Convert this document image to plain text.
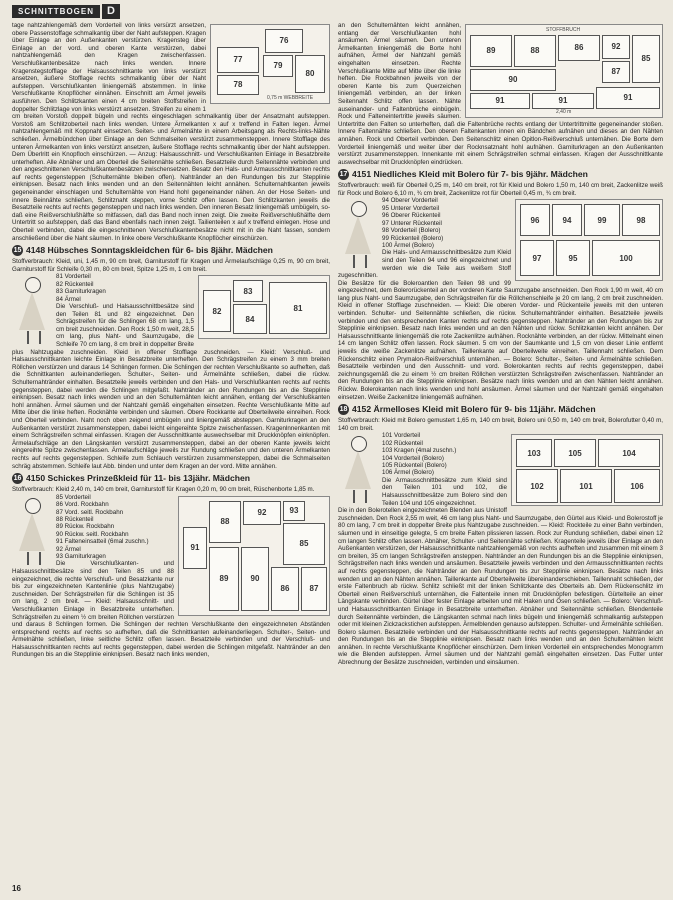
SCHNITTBOGEN	D
76
77
78
79
80
0,75 m WEBBREITE

tage nahtzahlengemäß dem Vorderteil von links versürzt ansetzen, obere Passenstoffage schmalkantig über der Naht aufsteppen. Kragen über Einlage an den Außenkanten verstürzen. Kragensteg über Einlage an der vord. und oberen Kante verstürzen, dabei nahtzahlengemäß den Kragen zwischenfassen. Verschlußkantenbesätze nach links wenden. Innere Kragenstegstofflage der Halsausschnittkante von links verstürzt ansetzen, äußere Stofflage rechts schmalkantig über der Naht aufsteppen. Verschlußkanten liniengemäß abstemmen. In linke Verschlußkante Knopflöcher einnähen. Einschnitt am Ärmel jeweils ausführen. Den Schlitzkanten einen 4 cm breiten Stoffstreifen in doppelter Schlitzlage von links verstürzt ansetzen. Streifen zu einem 1 cm breiten Vorstoß doppelt bügeln und rechts eingeschlagen schmalkantig über der Ansatznaht aufsteppen. Vorstoß am Schlitzoberteil nach links wenden. Untere Ärmelkanten x auf x treffend in Falten legen. Ärmel nahtzahlengemäß mit Koppnaht einsetzen. Seiten- und Ärmelnähte in einem Arbeitsgang als Rechts-links-Nähte schließen. Ärmelbündchen über Einlage an den Schmalseiten verstürzt zusammensteppen. Innere Stofflage des unteren Ärmelkanten von links verstürzt ansetzen, äußere Stofflage rechts schmalkantig über der Naht aufsteppen. Dem Überlritt ein Knopfloch einschürzen. — Anzug: Halsausschnitt- und Verschlußkanten Einlage in Besatzbreite unterheften. Alle Abnäher und am Oberteil die Seitennähte schließen. Besatzteile durch Seitennähte verbinden und den angeschnittenen Verschlußkantenbesätzen zwischensetzen. Besatz den Hals- und Armausschnittkanten rechts auf rechts gegensteppen (Schulternähte bleiben offen). Nahtränder an den Rundungen bis zur Stepplinie einknipsen. Besatz nach links wenden und an den Seitennähten leicht annähen. Schulternahtkanten jeweils gegeneinander einschlagen und Schulternähte von Hand hohl gegeneinander nähen. An der Hose Seiten- und innere Beinnähte schließen, Schlitznaht steppen, vorne Schlitz offen lassen. Den Schlitzkanten jeweils die Besatzteile rechts auf rechts gegensteppen und nach links wenden. Den inneren Besatz liniengemäß umbügeln, sodaß eine Reißverschlußhälfte so mitfassen, daß das Band noch innen zeigt. Die zweite Reißverschlußhälfte dem Untertritt so aufsteppen, daß das Band ebenfalls nach innen zeigt. Tailienteilen x auf x treffend einlegen. Hose und Oberteil verbinden, dabei die eingeschnittenen Verschlußkantenbesätze nicht mit in die Naht fassen, sondern anschließend über die Naht säumen. In linke obere Verschlußkante Knopflöcher einschürzen.

15 4148 Hübsches Sonntagskleidchen für 6- bis 8jähr. Mädchen

Stoffverbrauch: Kleid, uni, 1,45 m, 90 cm breit, Garniturstoff für Kragen und Ärmelaufschläge 0,25 m, 90 cm breit, Garniturstoff für Schleife 0,30 m, 80 cm breit, Spitze 1,25 m, 1 cm breit.

82
83
84
81
81 Vorderteil
82 Rückenteil
83 Garniturkragen
84 Ärmel

Die Verschluß- und Halsausschnittbesätze sind den Teilen 81 und 82 eingezeichnet. Den Schrägstreifen für die Schlingen 68 cm lang, 1,5 cm breit zuschneiden. Den Rock 1,50 m weit, 28,5 cm lang, plus Naht- und Saumzugabe, die Schleife 70 cm lang, 8 cm breit in doppelter Breite plus Nahtzugabe zuschneiden. Kleid in offener Stofflage zuschneiden. — Kleid: Verschluß- und Halsausschnittkanten leichte Einlage in Besatzbreite unterheften. Den Schrägstreifen zu einem 3 mm breiten Röllchen verstürzen und daraus 14 Schlingen formen. Die Schlingen der rechten Verschlußkante so aufheften, daß die Schnittkanten aufeinanderliegen. Schulter-, Seiten- und Ärmelnähte schließen, dabei die rückw. Schulternahtränder einhalten. Besatzteile jeweils verbinden und den Hals- und Verschlußkanten rechts auf rechts gegensteppen, dabei werden die Schlingen mitgefaßt. Nahtränder an den Rundungen bis an die Stepplinie einknipsen. Besatz nach links wenden und an den Schulternähten leicht annähen, entlang der Verschlußkanten hohl annähen. Ärmel säumen und der Nahtzahl gemäß eingehalten einsetzen. Rechte Verschlußkante Mitte auf Mitte über die linke heften. Rocknähte verbinden und säumen. Obere Rockkante auf Oberteilweite einreihen. Rock und Oberteil verbinden. Naht noch oben zeigend umbügeln und liniengemäß absteppen. Garniturkragen an den Außenkanten verstürzt zusammensteppen, dabei leicht eingereihte Spitze zwischenfassen. Kragenlnnenkanten mit einem Schrägstreifen schmal einfassen. Kragen der Ausschnittkante auswechselbar mit Druckknöpfen einknöpfen. Ärmelaufschläge an den Längskanten verstürzt zusammensteppen, dabei an der oberen Kante jeweils leicht eingereihte Spitze zwischenfassen. Ärmelaufschläge jeweils zur Rundung schließen und den unteren Ärmelkanten rechts auf rechts gegensteppen. Schleife zum Schlauch verstürzen zusammensteppen, dabei die Schmalseiten schräg abstemmen. Schleife laut Abb. binden und unter dem Kragen an der vord. Mitte annähen.

16 4150 Schickes Prinzeßkleid für 11- bis 13jähr. Mädchen

Stoffverbrauch: Kleid 2,40 m, 140 cm breit, Garniturstoff für Kragen 0,20 m, 90 cm breit, Rüschenborte 1,85 m.

91
88
92	93
85
89	90
86	87
85 Vorderteil
86 Vord. Rockbahn
87 Vord. seitl. Rockbahn
88 Rückenteil
89 Rückw. Rockbahn
90 Rückw. seitl. Rockbahn
91 Falteneinsatteil (6mal zuschn.)
92 Ärmel
93 Garniturkragen

Die Verschlußkanten- und Halsausschnittbesätze sind den Teilen 85 und 88 eingezeichnet, die rechte Verschluß- und Besatzkante nur bis zur eingezeichneten Kantenlinie (plus Nahtzugabe) zuschneiden. Der Schrägstreifen für die Schlingen ist 35 cm lang, 2 cm breit. — Kleid: Halsausschnitt- und Verschlußkanten Einlage in Besatzbreite unterheften. Schrägstreifen zu einem ½ cm breiten Röllchen verstürzen und daraus 8 Schlingen formen. Die Schlingen der rechten Verschlußkante den eingezeichneten Abständen entsprechend rechts auf rechts so aufheften, daß die Schnittkanten aufeinanderliegen. Schulter-, Seiten- und Ärmelnähte schließen, linke seitliche Schlitz offen lassen. Besatzteile verbinden und der Verschluß- und Halsausschnittkanten rechts auf rechts gegensteppen, dabei werden die Schlingen mitgefaßt. Nahtränder an den Rundungen bis an die Stepplinie einknipsen. Besatz nach links wenden,

STOFFBRUCH
89	88	86	92
87
85
90
91	91	91
2,40 m

an den Schulternähten leicht annähen, entlang der Verschlußkanten hohl ansäumen. Ärmel säumen. Den unteren Ärmelkanten liniengemäß die Borte hohl aufnähen, Ärmel der Nahtzahl gemäß eingehalten einsetzen. Rechte Verschlußkante Mitte auf Mitte über die linke heften. Die Rockbahnen jeweils von der oberen Kante bis zum Querzeichen liniengemäß verbinden, an der linken Seitennaht Schlitz offen lassen. Nähte auseinander- und Faltenbrüche einbügeln. Rock und Falteneintertritte jeweils säumen. Untertritte den Falten so unterheften, daß die Faltenbrüche rechts entlang der Untertrittmitte gegeneinander stoßen. Innere Faltennähte schließen. Den oberen Faltenkanten innen ein Bändchen aufnähen und dieses an den Nähten annähen. Rock und Oberteil verbinden. Den Seitenschlitz einen Opitlon-Reißverschluß unternähen. Die Borte dem Vorderteil liniengemäß und weiter über der Rocknsatznaht hohl aufnähen. Garniturkragen an den Außenkanten verstürzt zusammensteppen. Innenkante mit einem Schrägstreifen schmal einfassen. Kragen der Ausschnittkante auswechselbar mit Druckknöpfen eindrücken.

17 4151 Niedliches Kleid mit Bolero für 7- bis 9jähr. Mädchen

Stoffverbrauch: weiß für Oberteil 0,25 m, 140 cm breit, rot für Kleid und Bolero 1,50 m, 140 cm breit, Zackenlitze weiß für Rock und Bolero 6,10 m, ¾ cm breit, Zackenlitze rot für Oberteil 0,45 m, ¾ cm breit.

96	94	99	98
97	95	100
94 Oberer Vorderteil
95 Unterer Vorderteil
96 Oberer Rückenteil
97 Unterer Rückenteil
98 Vorderteil (Bolero)
99 Rückenteil (Bolero)
100 Ärmel (Bolero)

Die Hals- und Armausschnittbesätze zum Kleid sind den Teilen 94 und 96 eingezeichnet und werden wie die Teile aus weißem Stoff zugeschnitten.

Die Besätze für die Boleroantlen den Teilen 98 und 99 eingezeichnet, dem Bolerorückenteil an der vorderen Kante Saumzugabe anschneiden. Den Rock 1,90 m weit, 40 cm lang plus Naht- und Saumzugabe, den Schrägstreifen für die Röllchenschleife je 20 cm lang, 2 cm breit zuschneiden. Kleid in offener Stofflage zuschneiden. — Kleid: Die oberen Vorder- und Rückenteile jeweils mit den unteren verbinden. Schulter- und Seitennähte schließen, die rückw. Schulternahtränder einhalten. Besatzteile jeweils verbinden und den entsprechenden Kanten rechts auf rechts gegensteppen. Nahtränder an den Rundungen bis zur Stepplinie einknipsen. Besatz nach links wenden und an den Nähten und rückw. Schlitzkanten leicht annähen. Der Halsausschnittkante liniengemäß die rote Zackenlitze aufnähen. Rocknähte verbinden, an der rückw. Mittelnaht einen 14 cm langen Schlitz offen lassen. Rock säumen. 5 cm von der Saumkante und 1,5 cm von dieser Linie entfernt jeweils die weiße Zackenlitze aufnähen. Taillenkante auf Oberteilweite einreihen. Taillennaht schließen. Dem Rückenschlitz einen Prymalon-Reißverschluß unternähen. — Bolero: Schulter-, Seiten- und Ärmelnähte schließen. Besatzteile verbinden und den Ausschnitt- und vord. Bolerokanten rechts auf rechts gegensteppen, dabei zeichnungsgemäß die zu einem ½ cm breiten Röllchen verstürzten Schrägstreifen zwischenfassen. Nahtränder an den Rundungen bis an die Stepplinie einknipsen. Besätze nach links wenden und an den Nähten leicht annähen. Rückw. Bolerokanten nach links wenden und hohl ansäumen. Ärmel säumen und der Nahtzahl gemäß eingehalten einsetzen. Weiße Zackenlitze liniengemäß aufnähen.

18 4152 Ärmelloses Kleid mit Bolero für 9- bis 11jähr. Mädchen

Stoffverbrauch: Kleid mit Bolero gemustert 1,65 m, 140 cm breit, Bolero uni 0,50 m, 140 cm breit, Bolerofutter 0,40 m, 140 cm breit.

103	105	104
102	101	106
101 Vorderteil
102 Rückenteil
103 Kragen (4mal zuschn.)
104 Vorderteil (Bolero)
105 Rückenteil (Bolero)
106 Ärmel (Bolero)

Die Armausschnittbesätze zum Kleid sind den Teilen 101 und 102, die Halsausschnittbesätze zum Bolero sind den Teilen 104 und 105 eingezeichnet.

Die in den Bolerotellen eingezeichneten Blenden aus Unistoff zuschneiden. Den Rock 2,55 m weit, 46 cm lang plus Naht- und Saumzugabe, den Gürtel aus Kleid- und Bolerostoff je 80 cm lang, 7 cm breit in doppelter Breite plus Nahtzugabe zuschneiden. — Kleid: Rockteile zu einer Bahn verbinden, säumen und in einseitige gelegte, 5 cm breite Falten plissieren lassen. Rock zur Rundung schließen, dabei einen 12 cm langen Schlitz offen lassen. Abnäher, Schulter- und Seitennähte schließen. Kragenteile jeweils über Einlage an den Außenkanten verstürzen, der Halsausschnittkante nahtzahlengemäß von rechts aufheften und zusammen mit einem 3 cm breiten, 35 cm langen Schrägstreifen ansteppen. Nahtränder an den Rundungen bis an die Stepplinie einknipsen, Schrägstreifen nach links wenden und ansäumen. Besatzteile jeweils verbinden und den Armausschnittkanten rechts auf rechts gegensteppen, die Nahtränder an den Rundungen bis zur Stepplinie einknipsen. Besätze nach links wenden und an den Nähten annähen. Taillenkante auf Oberteilweite übereinanderschieben. Taillennaht schließen, der erste Faltenbruch ab rückw. Schlitz schließt mit der linken Schlitzkante des Oberteils ab. Dem Rückenschlitz im Oberteil einen Reißverschluß unternähen, die Faltenteile innen mit Druckknöpfen befestigen. Gürtelteile an einer Längskante verbinden. Gürtel über fester Einlage arbeiten und mit Haken und Ösen schließen. — Bolero: Verschluß- und Halsausschnittkanten Einlage in Besatzbreite unterheften. Abnäher und Seitennähte schließen. Blendenteile durch Seitennähte verbinden, die Längskanten schmal nach links bügeln und liniengemäß schmalkantig aufsteppen oder mit kleinen Zickzackstichen aufsteppen. Ärmelblenden genauso aufsteppen. Schulter- und Ärmelnähte schließen. Bolero säumen. Besatzteile verbinden und der Halsausschnittkante rechts auf rechts gegensteppen. Nahtränder an den Rundungen bis an die Stepplinie einknipsen. Besatz nach links wenden und an den Schulternähten leicht annähen. In rechte Verschlußkante Knopflöcher einschürzen. Dem linken Vorderteil ein entsprechendes Monogramm wie die Blenden aufsteppen. Ärmel säumen und der Nahtzahl gemäß eingehalten einsetzen. Das Futter unter Abrechnung der Besätze zuschneiden, verbinden und einsäumen.

16
